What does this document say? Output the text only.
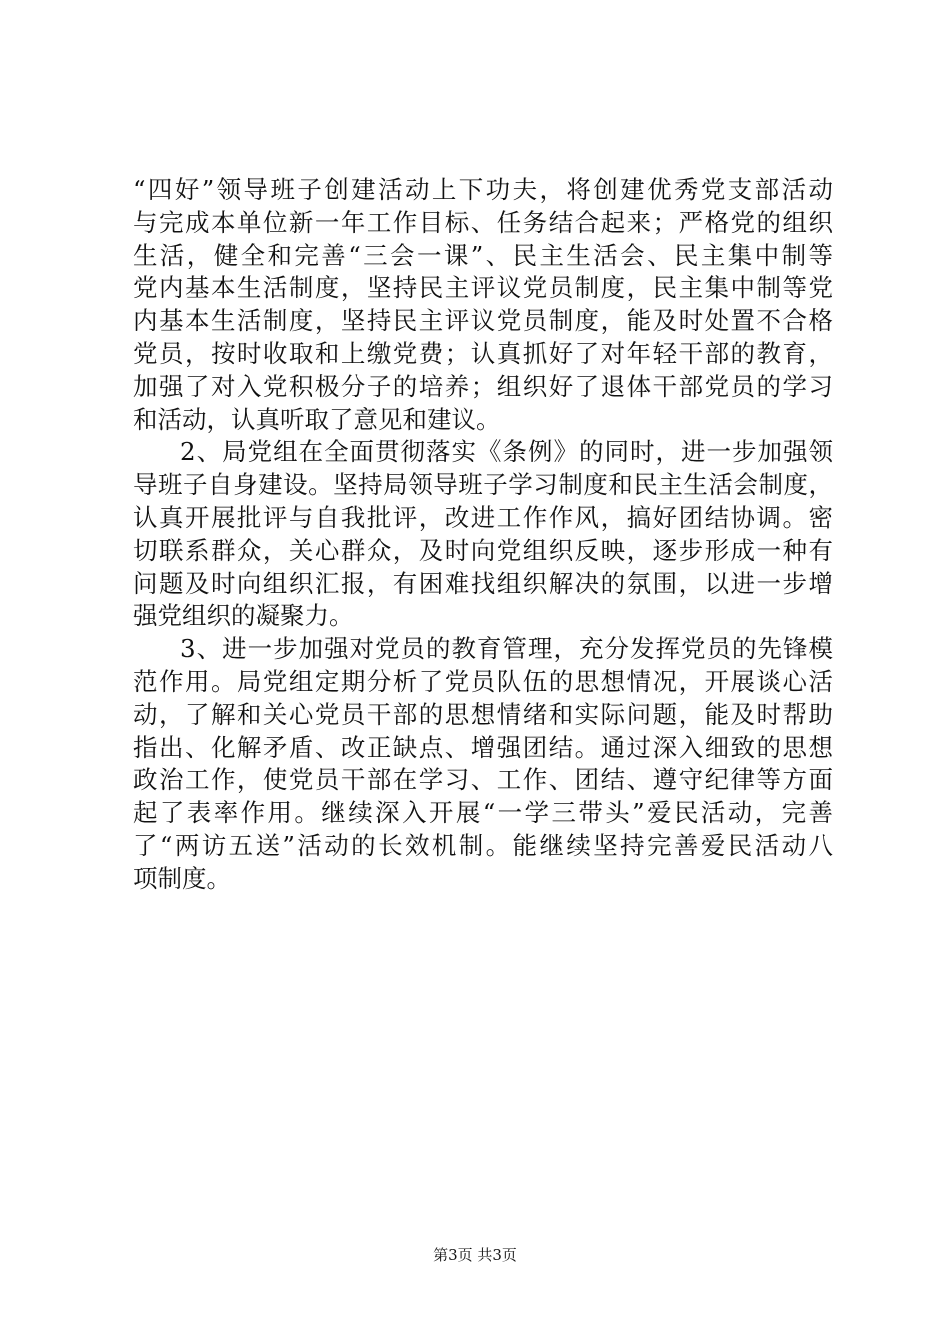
“四好”领导班子创建活动上下功夫，将创建优秀党支部活动
与完成本单位新一年工作目标、任务结合起来；严格党的组织
生活，健全和完善“三会一课”、民主生活会、民主集中制等
党内基本生活制度，坚持民主评议党员制度，民主集中制等党
内基本生活制度，坚持民主评议党员制度，能及时处置不合格
党员，按时收取和上缴党费；认真抓好了对年轻干部的教育，
加强了对入党积极分子的培养；组织好了退体干部党员的学习
和活动，认真听取了意见和建议。
2、局党组在全面贯彻落实《条例》的同时，进一步加强领
导班子自身建设。坚持局领导班子学习制度和民主生活会制度，
认真开展批评与自我批评，改进工作作风，搞好团结协调。密
切联系群众，关心群众，及时向党组织反映，逐步形成一种有
问题及时向组织汇报，有困难找组织解决的氛围，以进一步增
强党组织的凝聚力。
3、进一步加强对党员的教育管理，充分发挥党员的先锋模
范作用。局党组定期分析了党员队伍的思想情况，开展谈心活
动，了解和关心党员干部的思想情绪和实际问题，能及时帮助
指出、化解矛盾、改正缺点、增强团结。通过深入细致的思想
政治工作，使党员干部在学习、工作、团结、遵守纪律等方面
起了表率作用。继续深入开展“一学三带头”爱民活动，完善
了“两访五送”活动的长效机制。能继续坚持完善爱民活动八
项制度。
第3页 共3页
